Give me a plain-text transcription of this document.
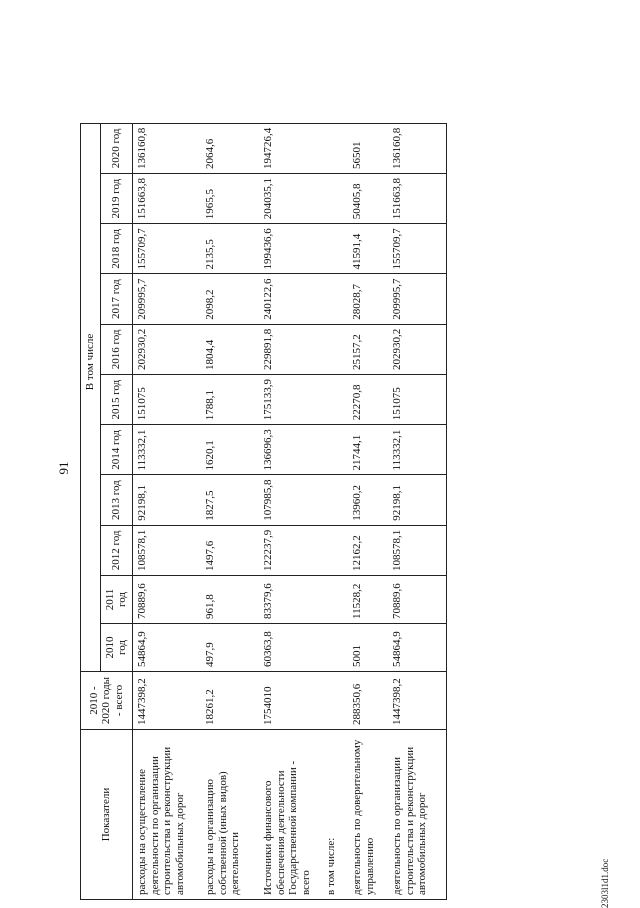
91
Показатели	2010 - 2020 годы - всего	В том числе										
		2010 год	2011 год	2012 год	2013 год	2014 год	2015 год	2016 год	2017 год	2018 год	2019 год	2020 год
расходы на осуществление деятельности по организации строительства и реконструкции автомобильных дорог	1447398,2	54864,9	70889,6	108578,1	92198,1	113332,1	151075	202930,2	209995,7	155709,7	151663,8	136160,8
расходы на организацию собственной (иных видов) деятельности	18261,2	497,9	961,8	1497,6	1827,5	1620,1	1788,1	1804,4	2098,2	2135,5	1965,5	2064,6
Источники финансового обеспечения деятельности Государственной компании - всего	1754010	60363,8	83379,6	122237,9	107985,8	136696,3	175133,9	229891,8	240122,6	199436,6	204035,1	194726,4
в том числе:												
деятельность по доверительному управлению	288350,6	5001	11528,2	12162,2	13960,2	21744,1	22270,8	25157,2	28028,7	41591,4	50405,8	56501
деятельность по организации строительства и реконструкции автомобильных дорог	1447398,2	54864,9	70889,6	108578,1	92198,1	113332,1	151075	202930,2	209995,7	155709,7	151663,8	136160,8
2303l1d1.doc
